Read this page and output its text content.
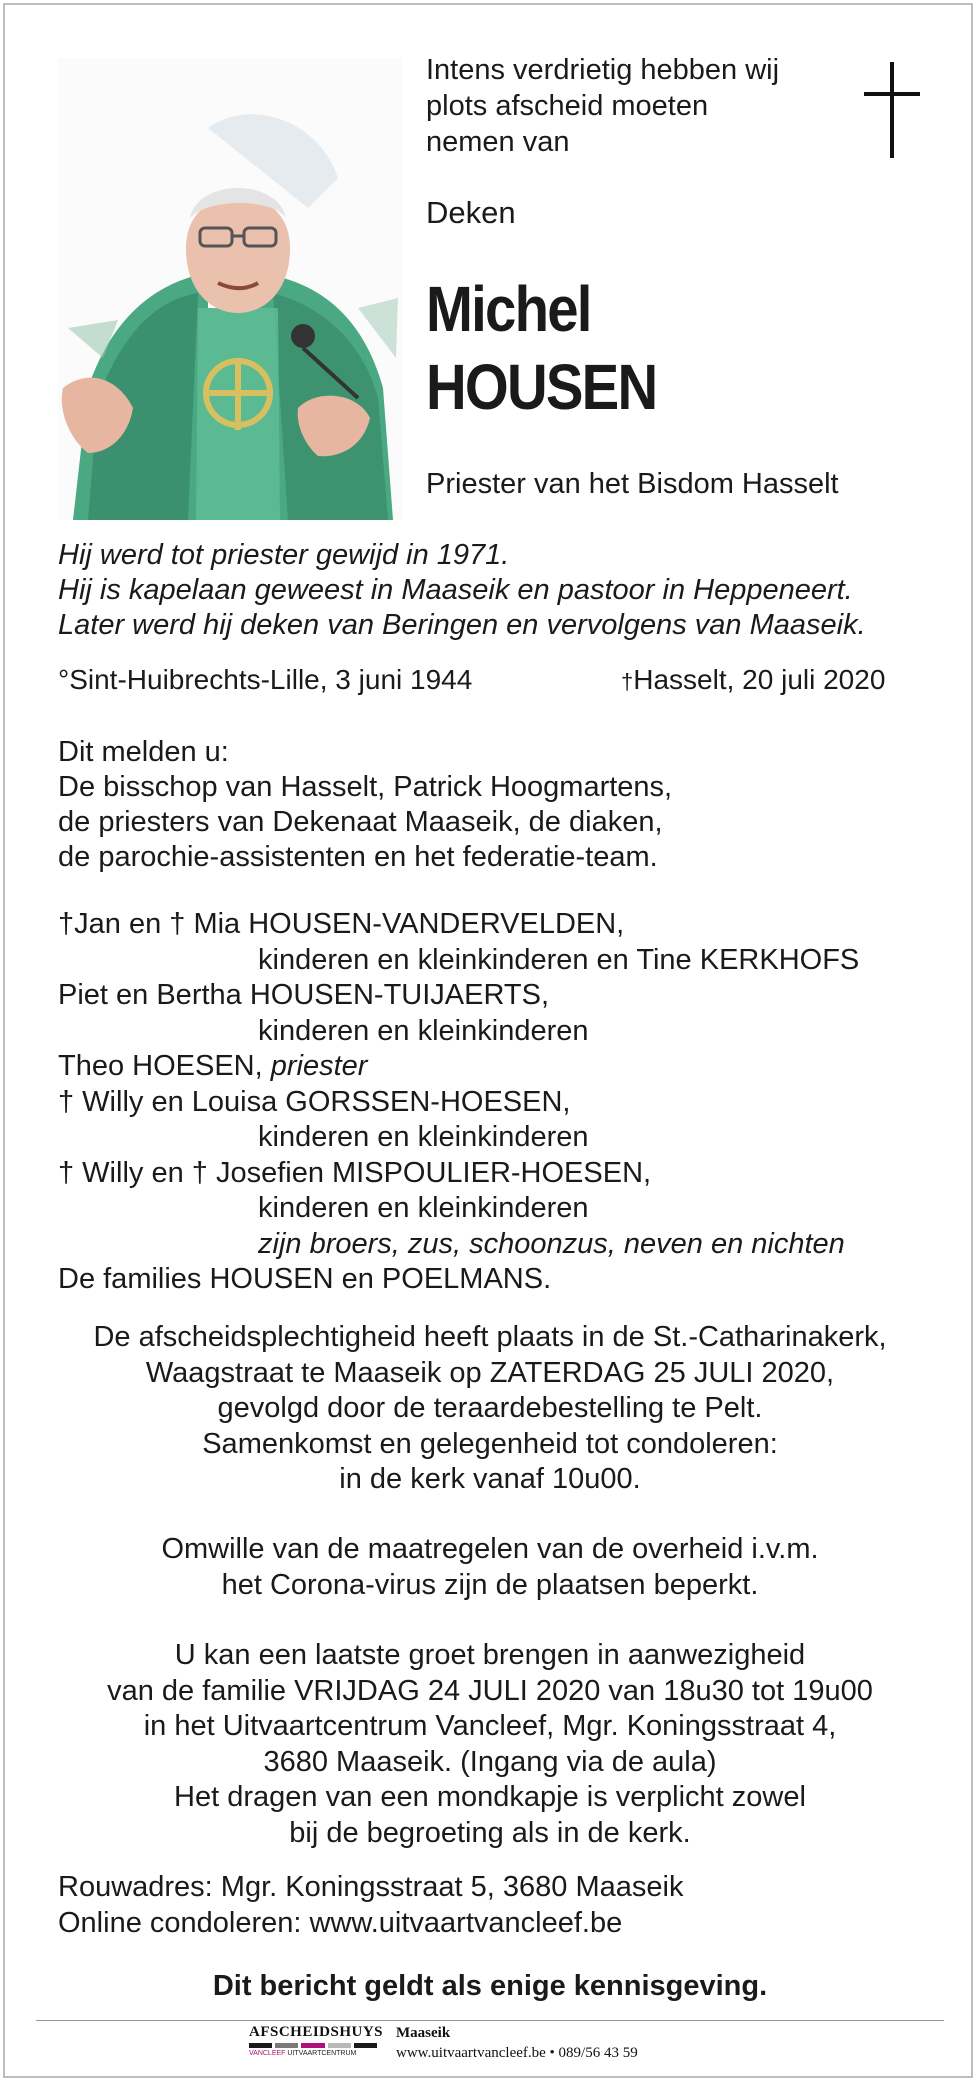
Intens verdrietig hebben wij
plots afscheid moeten
nemen van
Deken
Michel
HOUSEN
Priester van het Bisdom Hasselt
Hij werd tot priester gewijd in 1971.
Hij is kapelaan geweest in Maaseik en pastoor in Heppeneert.
Later werd hij deken van Beringen en vervolgens van Maaseik.
°Sint-Huibrechts-Lille, 3 juni 1944	†Hasselt, 20 juli 2020
Dit melden u:
De bisschop van Hasselt, Patrick Hoogmartens,
de priesters van Dekenaat Maaseik, de diaken,
de parochie-assistenten en het federatie-team.
†Jan en † Mia HOUSEN-VANDERVELDEN,
kinderen en kleinkinderen en Tine KERKHOFS
Piet en Bertha HOUSEN-TUIJAERTS,
kinderen en kleinkinderen
Theo HOESEN, priester
† Willy en Louisa GORSSEN-HOESEN,
kinderen en kleinkinderen
† Willy en † Josefien MISPOULIER-HOESEN,
kinderen en kleinkinderen
zijn broers, zus, schoonzus, neven en nichten
De families HOUSEN en POELMANS.
De afscheidsplechtigheid heeft plaats in de St.-Catharinakerk,
Waagstraat te Maaseik op ZATERDAG 25 JULI 2020,
gevolgd door de teraardebestelling te Pelt.
Samenkomst en gelegenheid tot condoleren:
in de kerk vanaf 10u00.
Omwille van de maatregelen van de overheid i.v.m.
het Corona-virus zijn de plaatsen beperkt.
U kan een laatste groet brengen in aanwezigheid
van de familie VRIJDAG 24 JULI 2020 van 18u30 tot 19u00
in het Uitvaartcentrum Vancleef, Mgr. Koningsstraat 4,
3680 Maaseik. (Ingang via de aula)
Het dragen van een mondkapje is verplicht zowel
bij de begroeting als in de kerk.
Rouwadres: Mgr. Koningsstraat 5, 3680 Maaseik
Online condoleren: www.uitvaartvancleef.be
Dit bericht geldt als enige kennisgeving.
AFSCHEIDSHUYS
VANCLEEF UITVAARTCENTRUM
Maaseik
www.uitvaartvancleef.be • 089/56 43 59
